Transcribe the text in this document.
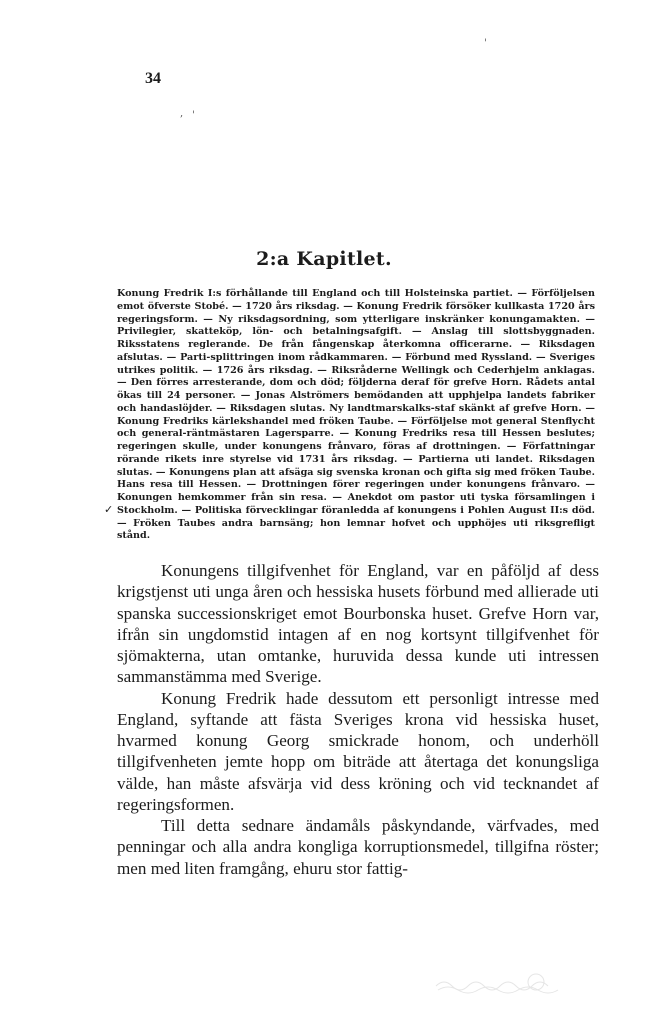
34
'
, '
2:a Kapitlet.
Konung Fredrik I:s förhållande till England och till Holsteinska partiet. — Förföljelsen emot öfverste Stobé. — 1720 års riksdag. — Konung Fredrik försöker kullkasta 1720 års regeringsform. — Ny riksdagsordning, som ytterligare inskränker konungamakten. — Privilegier, skatteköp, lön- och betalningsafgift. — Anslag till slottsbyggnaden. Riksstatens reglerande. De från fångenskap återkomna officerarne. — Riksdagen afslutas. — Parti-splittringen inom rådkammaren. — Förbund med Ryssland. — Sveriges utrikes politik. — 1726 års riksdag. — Riksråderne Wellingk och Cederhjelm anklagas. — Den förres arresterande, dom och död; följderna deraf för grefve Horn. Rådets antal ökas till 24 personer. — Jonas Alströmers bemödanden att upphjelpa landets fabriker och handaslöjder. — Riksdagen slutas. Ny landtmarskalks-staf skänkt af grefve Horn. — Konung Fredriks kärlekshandel med fröken Taube. — Förföljelse mot general Stenflycht och general-räntmästaren Lagersparre. — Konung Fredriks resa till Hessen beslutes; regeringen skulle, under konungens frånvaro, föras af drottningen. — Författningar rörande rikets inre styrelse vid 1731 års riksdag. — Partierna uti landet. Riksdagen slutas. — Konungens plan att afsäga sig svenska kronan och gifta sig med fröken Taube. Hans resa till Hessen. — Drottningen förer regeringen under konungens frånvaro. — Konungen hemkommer från sin resa. — Anekdot om pastor uti tyska församlingen i Stockholm. — Politiska förvecklingar föranledda af konungens i Pohlen August II:s död. — Fröken Taubes andra barnsäng; hon lemnar hofvet och upphöjes uti riksgrefligt stånd.
✓

Konungens tillgifvenhet för England, var en påföljd af dess krigstjenst uti unga åren och hessiska husets förbund med allierade uti spanska successionskriget emot Bourbonska huset. Grefve Horn var, ifrån sin ungdomstid intagen af en nog kortsynt tillgifvenhet för sjömakterna, utan omtanke, huruvida dessa kunde uti intressen sammanstämma med Sverige.

Konung Fredrik hade dessutom ett personligt intresse med England, syftande att fästa Sveriges krona vid hessiska huset, hvarmed konung Georg smickrade honom, och underhöll tillgifvenheten jemte hopp om biträde att återtaga det konungsliga välde, han måste afsvärja vid dess kröning och vid tecknandet af regeringsformen.

Till detta sednare ändamåls påskyndande, värfvades, med penningar och alla andra kongliga korruptionsmedel, tillgifna röster; men med liten framgång, ehuru stor fattig-
